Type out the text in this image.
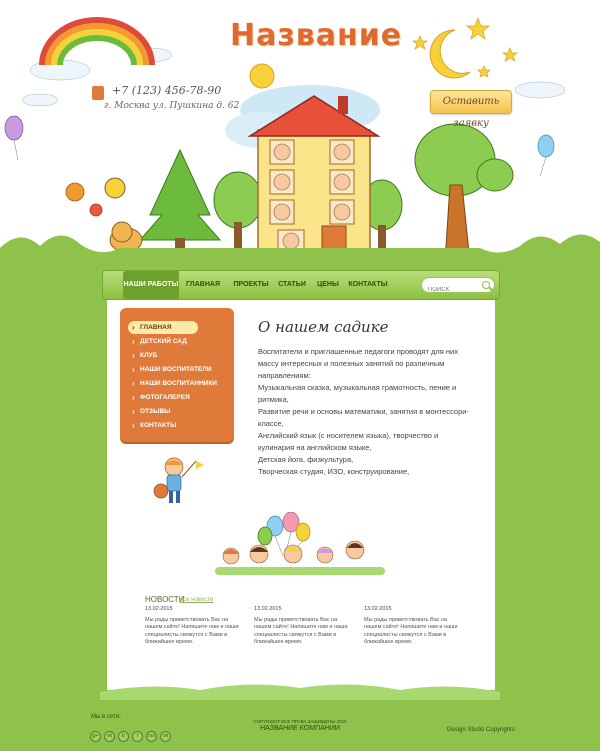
Название
+7 (123) 456-78-90
г. Москва ул. Пушкина д. 62	Оставить заявку
НАШИ РАБОТЫ	ГЛАВНАЯ	ПРОЕКТЫ	СТАТЬИ	ЦЕНЫ	КОНТАКТЫ
ПОИСК
› ГЛАВНАЯ
› ДЕТСКИЙ САД
› КЛУБ
› НАШИ ВОСПИТАТЕЛИ
› НАШИ ВОСПИТАННИКИ
› ФОТОГАЛЕРЕЯ
› ОТЗЫВЫ
› КОНТАКТЫ
О нашем садике

Воспитатели и приглашенные педагоги проводят для них массу интересных и полезных занятий по различным направлениям:

Музыкальная сказка, музыкальная грамотность, пение и ритмика,

Развитие речи и основы математики, занятия в монтессори-классе,

Английский язык (с носителем языка), творчество и кулинария на английском языке,

Детская йога, физкультура,

Творческая студия, ИЗО, конструирование,

НОВОСТИ
все новости
13.02.2015
Мы рады приветствовать Вас на нашем сайте! Напишите нам и наши специалисты свяжутся с Вами в ближайшее время.
13.02.2015
Мы рады приветствовать Вас на нашем сайте! Напишите нам и наши специалисты свяжутся с Вами в ближайшее время.
13.02.2015
Мы рады приветствовать Вас на нашем сайте! Напишите нам и наши специалисты свяжутся с Вами в ближайшее время.
Мы в сети:
g+ vk b f rss ok
COPYRIGHT ВСЕ ПРАВА ЗАЩИЩЕНЫ 2015
НАЗВАНИЕ КОМПАНИИ	Design Studio Copyrights
